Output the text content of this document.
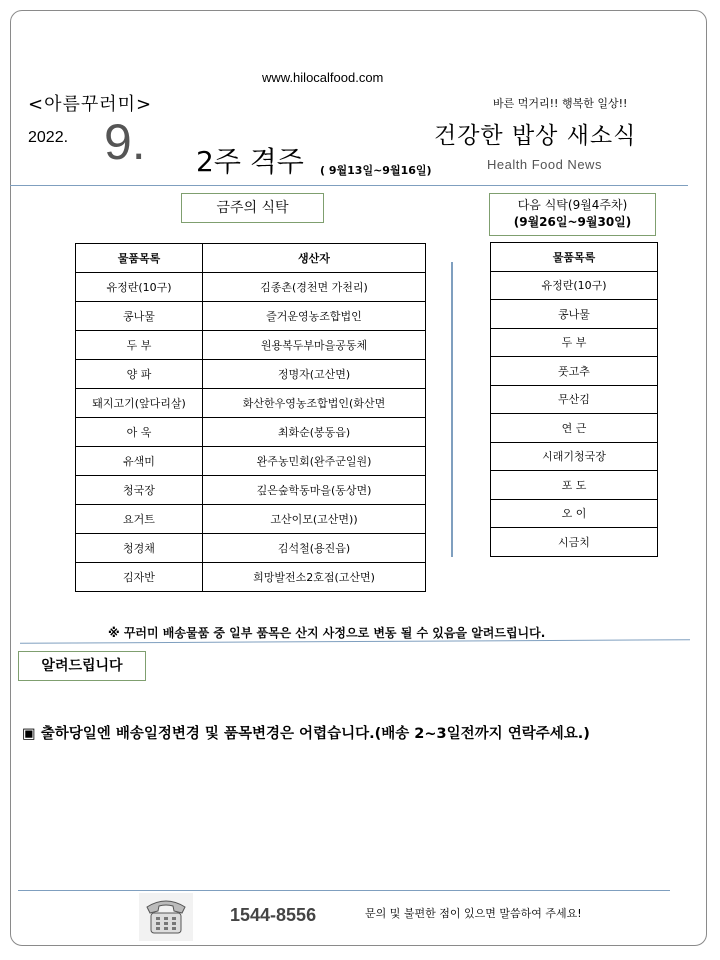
www.hilocalfood.com
<아름꾸러미>
2022. 9. 2주 격주 ( 9월13일~9월16일)
바른 먹거리!! 행복한 일상!!
건강한 밥상 새소식
Health Food News
금주의 식탁	다음 식탁(9월4주차)
(9월26일~9월30일)
물품목록	생산자
유정란(10구)	김종촌(경천면 가천리)
콩나물	즐거운영농조합법인
두 부	원용복두부마을공동체
양 파	정명자(고산면)
돼지고기(앞다리살)	화산한우영농조합법인(화산면
아 욱	최화순(봉동읍)
유색미	완주농민회(완주군일원)
청국장	깊은숲학동마을(동상면)
요거트	고산이모(고산면))
청경채	김석철(용진읍)
김자반	희망발전소2호점(고산면)
물품목록
유정란(10구)
콩나물
두 부
풋고추
무산김
연 근
시래기청국장
포 도
오 이
시금치
※ 꾸러미 배송물품 중 일부 품목은 산지 사정으로 변동 될 수 있음을 알려드립니다.
알려드립니다
▣ 출하당일엔 배송일정변경 및 품목변경은 어렵습니다.(배송 2~3일전까지 연락주세요.)
1544-8556	문의 및 불편한 점이 있으면 말씀하여 주세요!
